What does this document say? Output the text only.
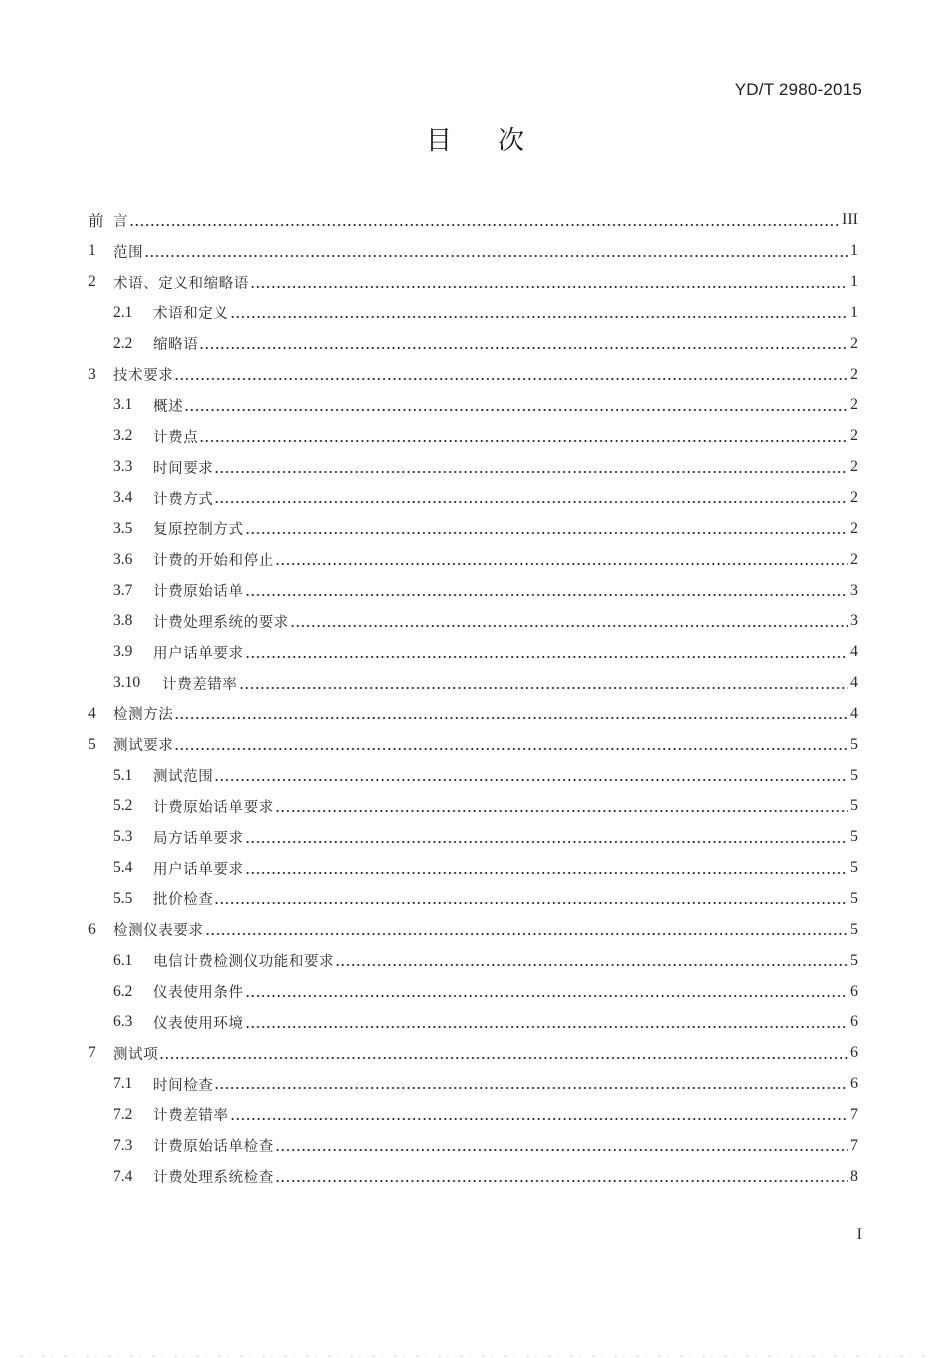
YD/T 2980-2015
目 次
前 言	III
1	范围	1
2	术语、定义和缩略语	1
2.1	术语和定义	1
2.2	缩略语	2
3	技术要求	2
3.1	概述	2
3.2	计费点	2
3.3	时间要求	2
3.4	计费方式	2
3.5	复原控制方式	2
3.6	计费的开始和停止	2
3.7	计费原始话单	3
3.8	计费处理系统的要求	3
3.9	用户话单要求	4
3.10	计费差错率	4
4	检测方法	4
5	测试要求	5
5.1	测试范围	5
5.2	计费原始话单要求	5
5.3	局方话单要求	5
5.4	用户话单要求	5
5.5	批价检查	5
6	检测仪表要求	5
6.1	电信计费检测仪功能和要求	5
6.2	仪表使用条件	6
6.3	仪表使用环境	6
7	测试项	6
7.1	时间检查	6
7.2	计费差错率	7
7.3	计费原始话单检查	7
7.4	计费处理系统检查	8
I
